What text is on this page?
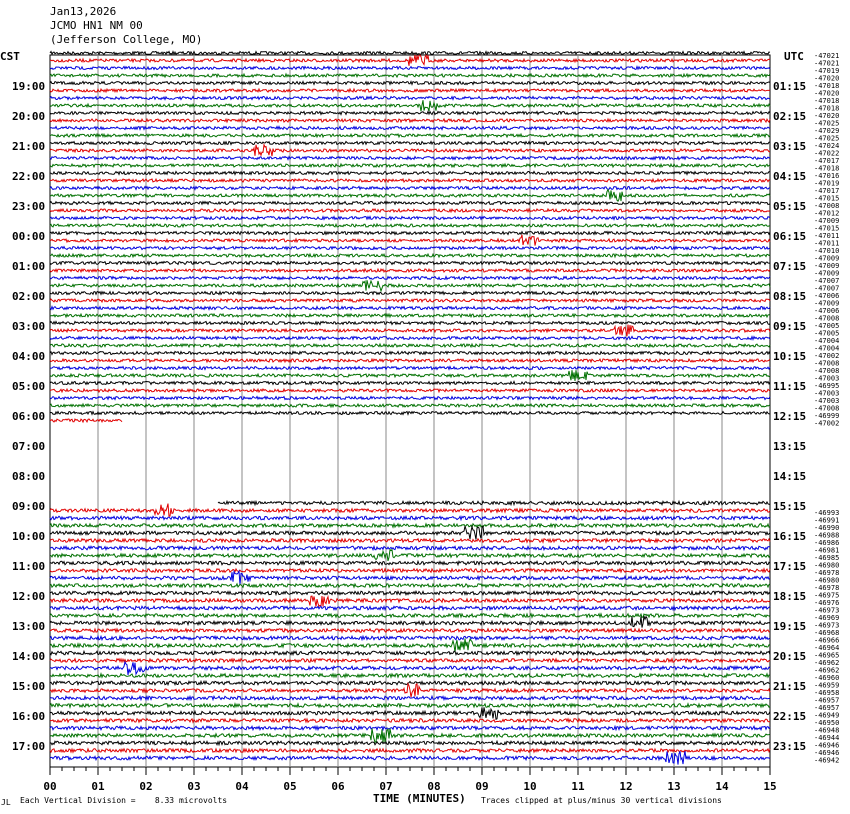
Jan13,2026
JCMO HN1 NM 00
(Jefferson College, MO)
CST	UTC
19:00
20:00
21:00
22:00
23:00
00:00
01:00
02:00
03:00
04:00
05:00
06:00
07:00
08:00
09:00
10:00
11:00
12:00
13:00
14:00
15:00
16:00
17:00
01:15
02:15
03:15
04:15
05:15
06:15
07:15
08:15
09:15
10:15
11:15
12:15
13:15
14:15
15:15
16:15
17:15
18:15
19:15
20:15
21:15
22:15
23:15
-47021
-47021
-47019
-47020
-47018
-47020
-47018
-47018
-47020
-47025
-47029
-47025
-47024
-47022
-47017
-47018
-47016
-47019
-47017
-47015
-47008
-47012
-47009
-47015
-47011
-47011
-47010
-47009
-47009
-47009
-47007
-47007
-47006
-47009
-47006
-47008
-47005
-47005
-47004
-47004
-47002
-47008
-47008
-47003
-46995
-47003
-47003
-47008
-46999
-47002
-46993
-46991
-46990
-46988
-46986
-46981
-46985
-46980
-46978
-46980
-46978
-46975
-46976
-46973
-46969
-46973
-46968
-46966
-46964
-46965
-46962
-46962
-46960
-46959
-46958
-46957
-46957
-46949
-46950
-46948
-46944
-46946
-46946
-46942
00	01	02	03	04	05	06	07	08	09	10	11	12	13	14	15
TIME (MINUTES)
JL Each Vertical Division =    8.33 microvolts	Traces clipped at plus/minus 30 vertical divisions
